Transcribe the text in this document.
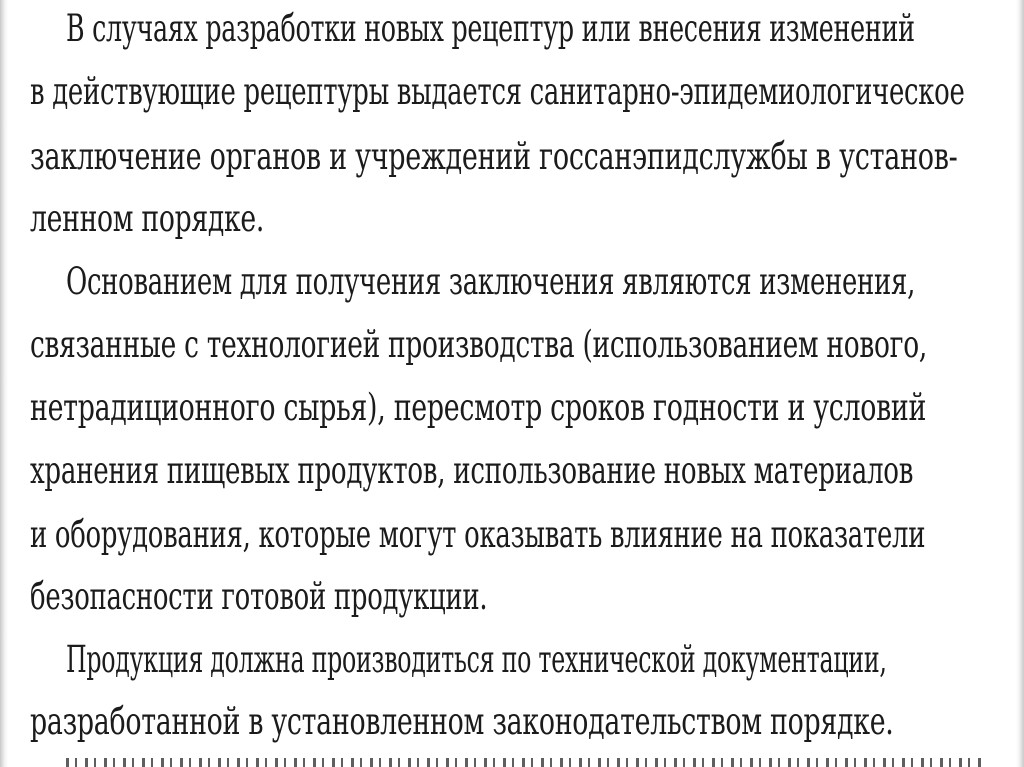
В случаях разработки новых рецептур или внесения изменений
в действующие рецептуры выдается санитарно-эпидемиологическое
заключение органов и учреждений госсанэпидслужбы в установ-
ленном порядке.
Основанием для получения заключения являются изменения,
связанные с технологией производства (использованием нового,
нетрадиционного сырья), пересмотр сроков годности и условий
хранения пищевых продуктов, использование новых материалов
и оборудования, которые могут оказывать влияние на показатели
безопасности готовой продукции.
Продукция должна производиться по технической документации,
разработанной в установленном законодательством порядке.
